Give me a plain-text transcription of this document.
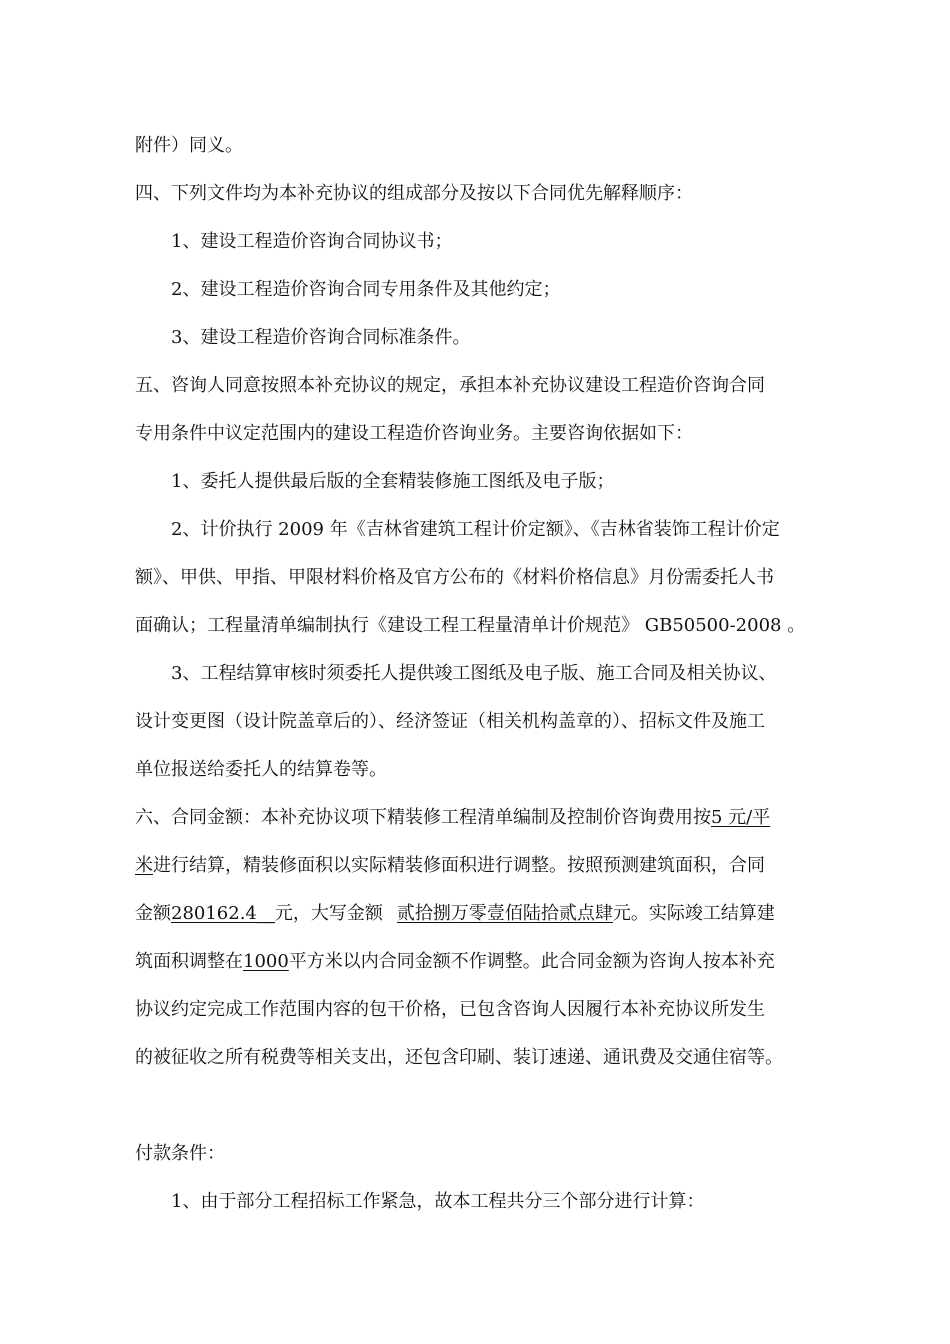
附件）同义。
四、下列文件均为本补充协议的组成部分及按以下合同优先解释顺序：
1、建设工程造价咨询合同协议书；
2、建设工程造价咨询合同专用条件及其他约定；
3、建设工程造价咨询合同标准条件。
五、咨询人同意按照本补充协议的规定，承担本补充协议建设工程造价咨询合同
专用条件中议定范围内的建设工程造价咨询业务。主要咨询依据如下：
1、委托人提供最后版的全套精装修施工图纸及电子版；
2、计价执行 2009 年《吉林省建筑工程计价定额》、《吉林省装饰工程计价定
额》、甲供、甲指、甲限材料价格及官方公布的《材料价格信息》月份需委托人书
面确认；工程量清单编制执行《建设工程工程量清单计价规范》 GB50500-2008 。
3、工程结算审核时须委托人提供竣工图纸及电子版、施工合同及相关协议、
设计变更图（设计院盖章后的）、经济签证（相关机构盖章的）、招标文件及施工
单位报送给委托人的结算卷等。
六、合同金额：本补充协议项下精装修工程清单编制及控制价咨询费用按5 元/平
米进行结算，精装修面积以实际精装修面积进行调整。按照预测建筑面积，合同
金额280162.4__元，大写金额 贰拾捌万零壹佰陆拾贰点肆元。实际竣工结算建
筑面积调整在1000平方米以内合同金额不作调整。此合同金额为咨询人按本补充
协议约定完成工作范围内容的包干价格，已包含咨询人因履行本补充协议所发生
的被征收之所有税费等相关支出，还包含印刷、装订速递、通讯费及交通住宿等。
付款条件：
1、由于部分工程招标工作紧急，故本工程共分三个部分进行计算：
